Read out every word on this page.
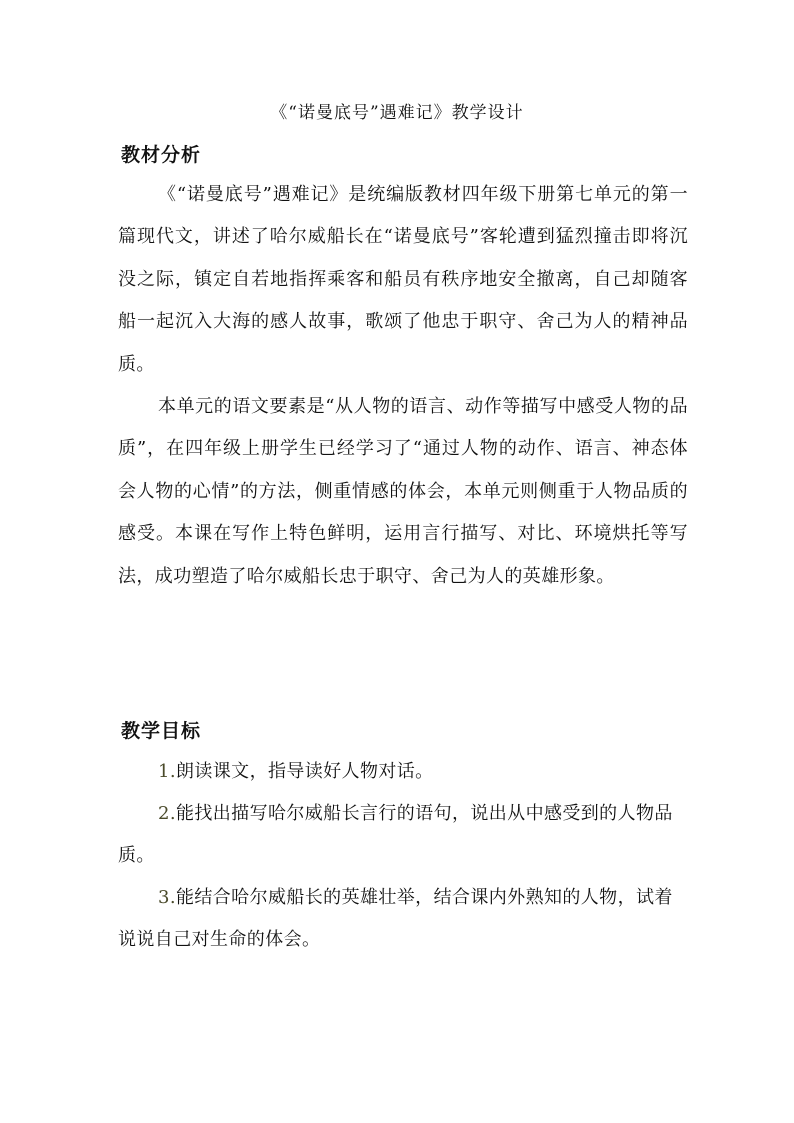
《“诺曼底号”遇难记》教学设计
教材分析

《“诺曼底号”遇难记》是统编版教材四年级下册第七单元的第一篇现代文，讲述了哈尔威船长在“诺曼底号”客轮遭到猛烈撞击即将沉没之际，镇定自若地指挥乘客和船员有秩序地安全撤离，自己却随客船一起沉入大海的感人故事，歌颂了他忠于职守、舍己为人的精神品质。

本单元的语文要素是“从人物的语言、动作等描写中感受人物的品质”，在四年级上册学生已经学习了“通过人物的动作、语言、神态体会人物的心情”的方法，侧重情感的体会，本单元则侧重于人物品质的感受。本课在写作上特色鲜明，运用言行描写、对比、环境烘托等写法，成功塑造了哈尔威船长忠于职守、舍己为人的英雄形象。

教学目标

1.朗读课文，指导读好人物对话。

2.能找出描写哈尔威船长言行的语句，说出从中感受到的人物品质。

3.能结合哈尔威船长的英雄壮举，结合课内外熟知的人物，试着说说自己对生命的体会。
